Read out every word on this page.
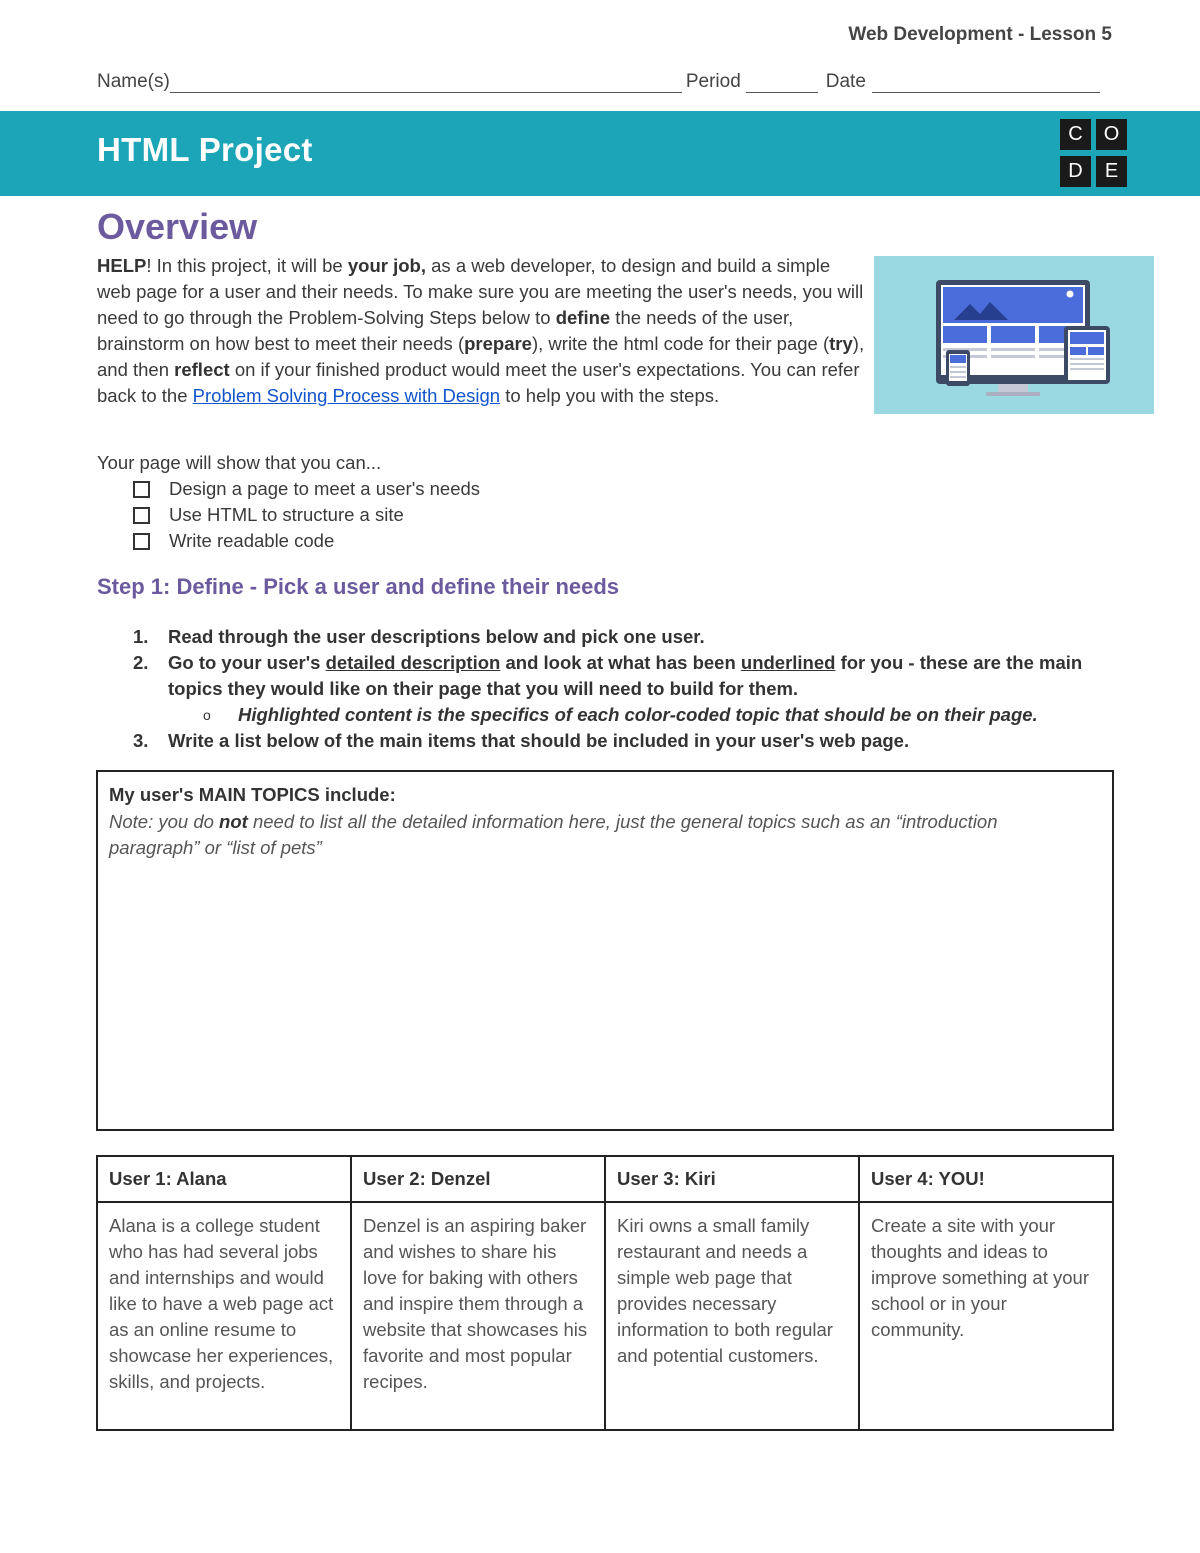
Web Development - Lesson 5
Name(s)	Period	Date
HTML Project	C	O
D	E
Overview

HELP! In this project, it will be your job, as a web developer, to design and build a simple web page for a user and their needs. To make sure you are meeting the user's needs, you will need to go through the Problem-Solving Steps below to define the needs of the user, brainstorm on how best to meet their needs (prepare), write the html code for their page (try), and then reflect on if your finished product would meet the user's expectations. You can refer back to the Problem Solving Process with Design to help you with the steps.

Your page will show that you can...

Design a page to meet a user's needs
Use HTML to structure a site
Write readable code
Step 1: Define - Pick a user and define their needs
1. Read through the user descriptions below and pick one user.
2. Go to your user's detailed description and look at what has been underlined for you - these are the main topics they would like on their page that you will need to build for them.
o Highlighted content is the specifics of each color-coded topic that should be on their page.
3. Write a list below of the main items that should be included in your user's web page.
My user's MAIN TOPICS include:
Note: you do not need to list all the detailed information here, just the general topics such as an “introduction paragraph” or “list of pets”
User 1: Alana	User 2: Denzel	User 3: Kiri	User 4: YOU!
Alana is a college student who has had several jobs and internships and would like to have a web page act as an online resume to showcase her experiences, skills, and projects.	Denzel is an aspiring baker and wishes to share his love for baking with others and inspire them through a website that showcases his favorite and most popular recipes.	Kiri owns a small family restaurant and needs a simple web page that provides necessary information to both regular and potential customers.	Create a site with your thoughts and ideas to improve something at your school or in your community.
